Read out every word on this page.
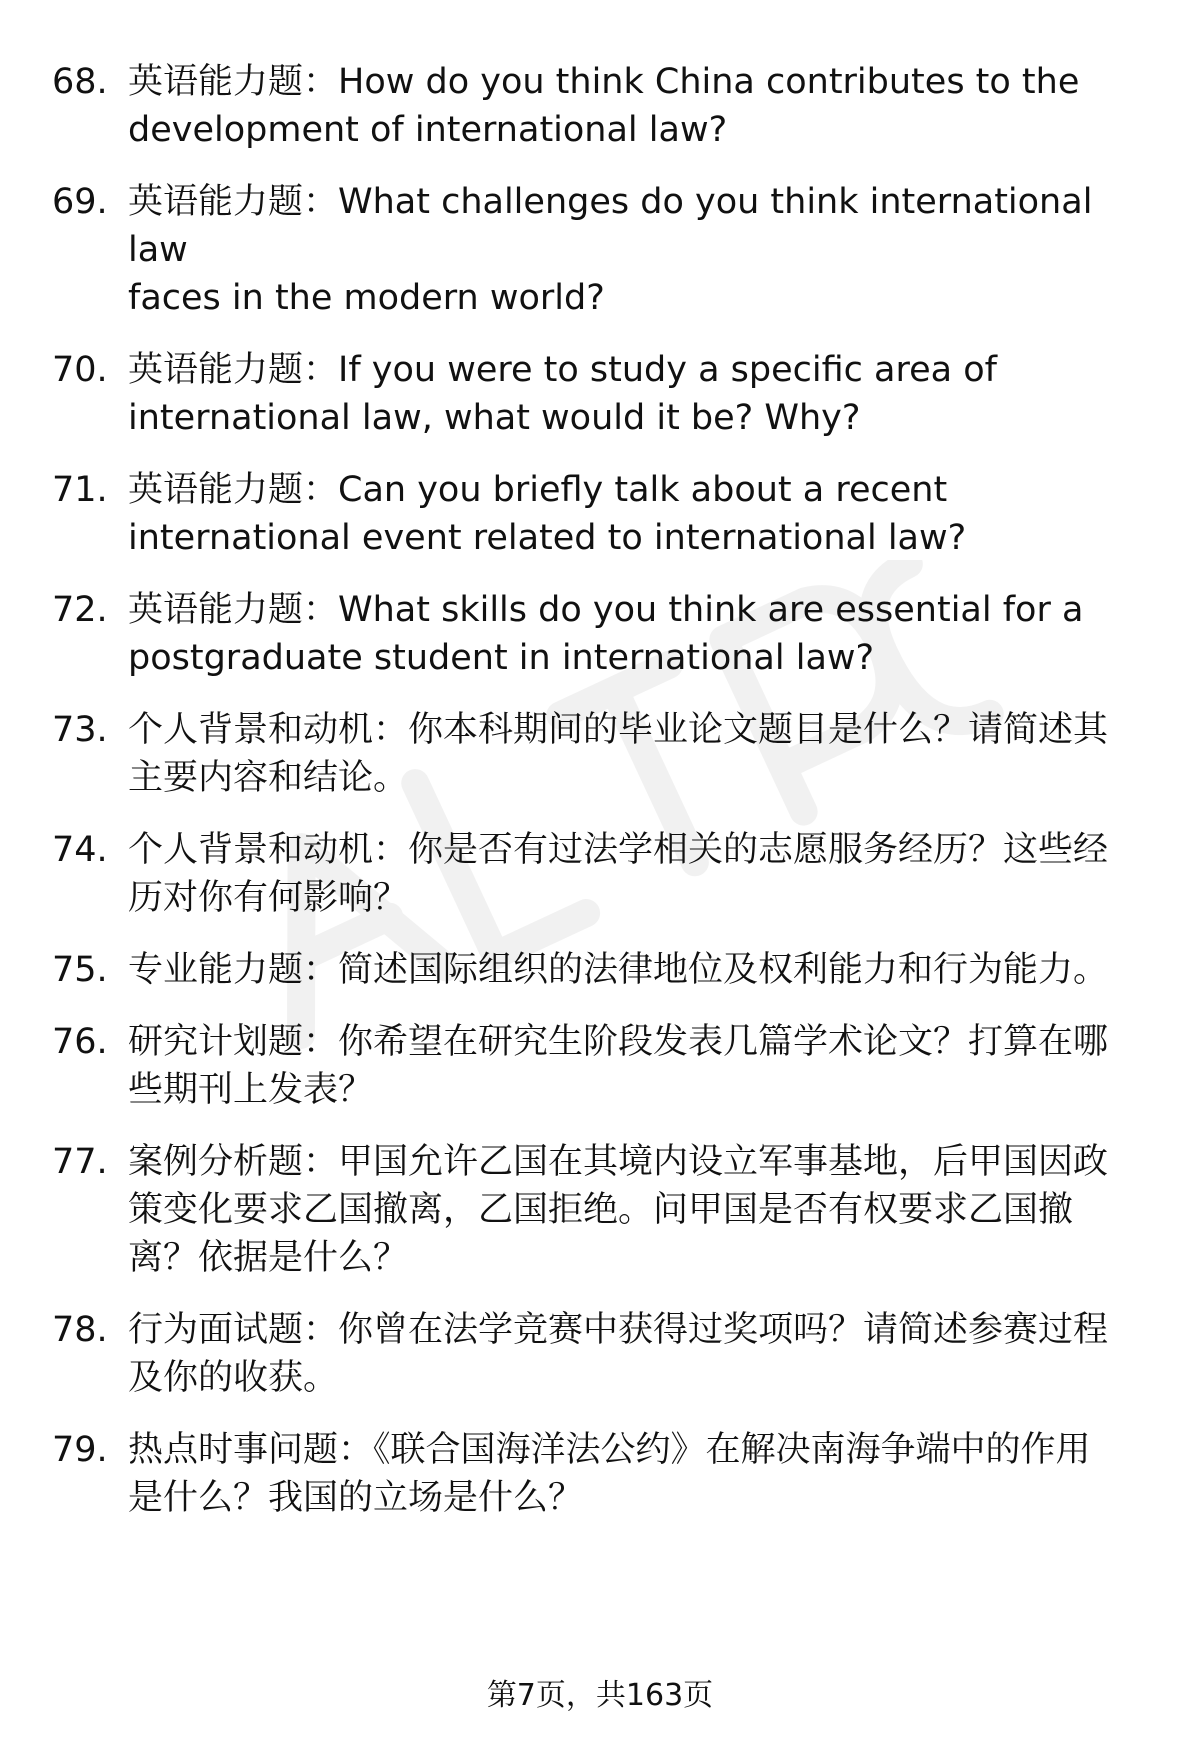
68. 英语能力题：How do you think China contributes to the
development of international law?
69. 英语能力题：What challenges do you think international law
faces in the modern world?
70. 英语能力题：If you were to study a specific area of
international law, what would it be? Why?
71. 英语能力题：Can you briefly talk about a recent
international event related to international law?
72. 英语能力题：What skills do you think are essential for a
postgraduate student in international law?
73. 个人背景和动机：你本科期间的毕业论文题目是什么？请简述其
主要内容和结论。
74. 个人背景和动机：你是否有过法学相关的志愿服务经历？这些经
历对你有何影响？
75. 专业能力题：简述国际组织的法律地位及权利能力和行为能力。
76. 研究计划题：你希望在研究生阶段发表几篇学术论文？打算在哪
些期刊上发表？
77. 案例分析题：甲国允许乙国在其境内设立军事基地，后甲国因政
策变化要求乙国撤离，乙国拒绝。问甲国是否有权要求乙国撤
离？依据是什么？
78. 行为面试题：你曾在法学竞赛中获得过奖项吗？请简述参赛过程
及你的收获。
79. 热点时事问题：《联合国海洋法公约》在解决南海争端中的作用
是什么？我国的立场是什么？
第7页，共163页
